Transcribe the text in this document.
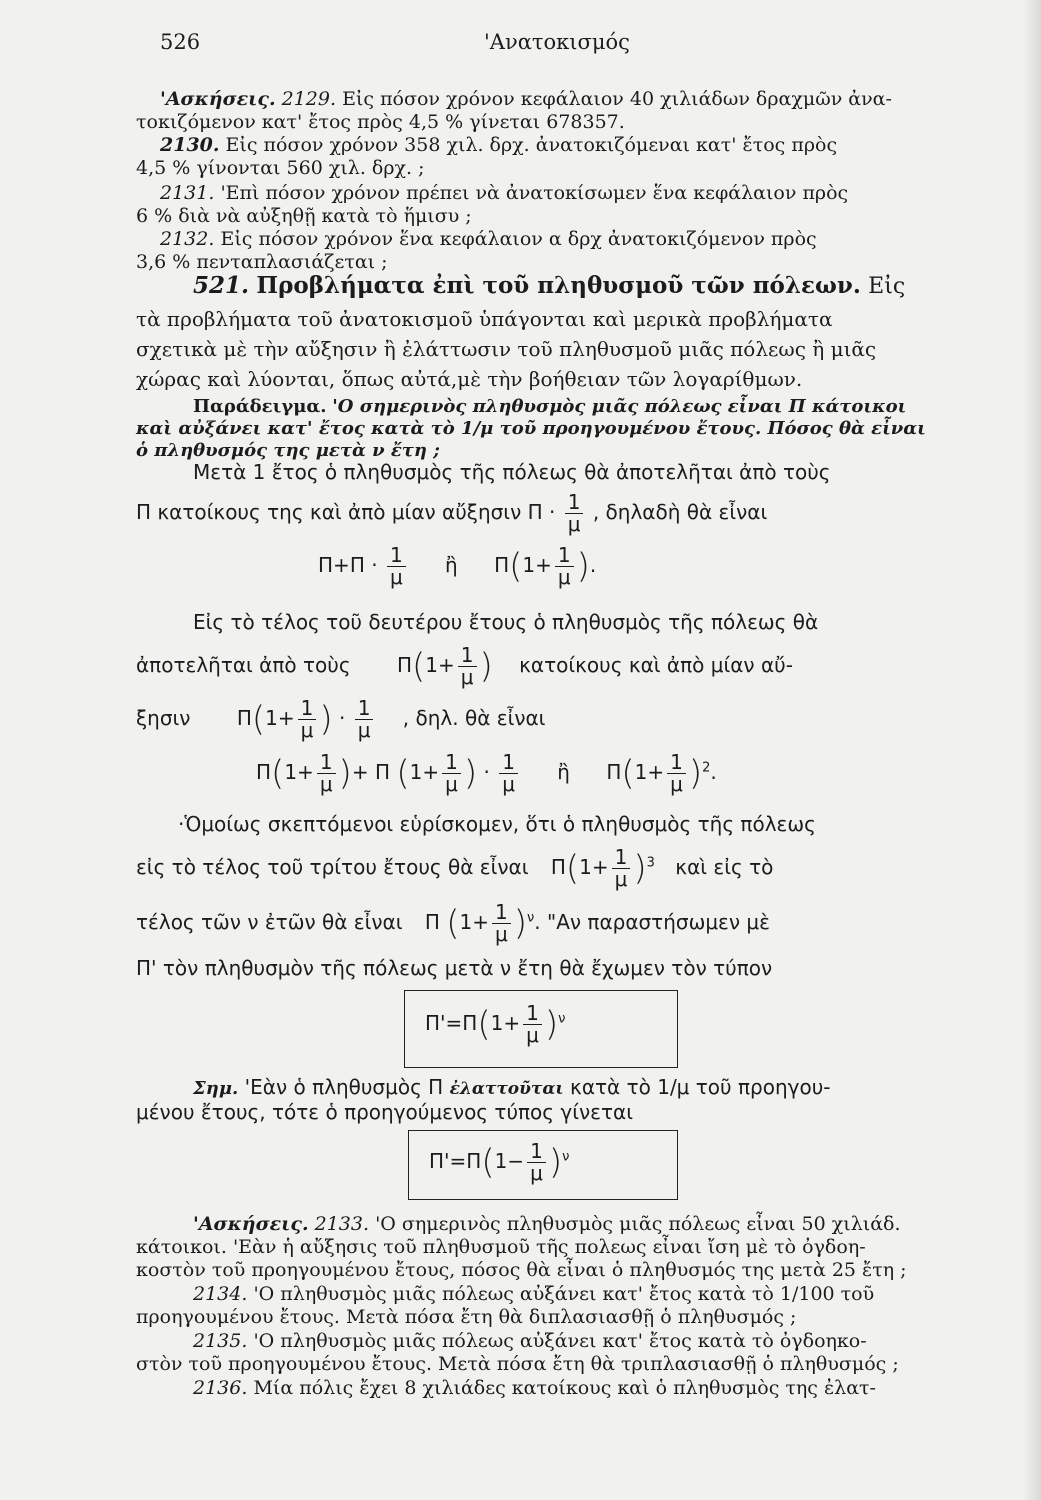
526	'Ανατοκισμός
'Ασκήσεις. 2129. Εἰς πόσον χρόνον κεφάλαιον 40 χιλιάδων δραχμῶν ἀνα-
τοκιζόμενον κατ' ἔτος πρὸς 4,5 % γίνεται 678357.
2130. Εἰς πόσον χρόνον 358 χιλ. δρχ. ἀνατοκιζόμεναι κατ' ἔτος πρὸς
4,5 % γίνονται 560 χιλ. δρχ. ;
2131. 'Επὶ πόσον χρόνον πρέπει νὰ ἀνατοκίσωμεν ἕνα κεφάλαιον πρὸς
6 % διὰ νὰ αὐξηθῇ κατὰ τὸ ἥμισυ ;
2132. Εἰς πόσον χρόνον ἕνα κεφάλαιον α δρχ ἀνατοκιζόμενον πρὸς
3,6 % πενταπλασιάζεται ;
521. Προβλήματα ἐπὶ τοῦ πληθυσμοῦ τῶν πόλεων. Εἰς
τὰ προβλήματα τοῦ ἀνατοκισμοῦ ὑπάγονται καὶ μερικὰ προβλήματα
σχετικὰ μὲ τὴν αὔξησιν ἢ ἐλάττωσιν τοῦ πληθυσμοῦ μιᾶς πόλεως ἢ μιᾶς
χώρας καὶ λύονται, ὅπως αὐτά,μὲ τὴν βοήθειαν τῶν λογαρίθμων.
Παράδειγμα. 'Ο σημερινὸς πληθυσμὸς μιᾶς πόλεως εἶναι Π κάτοικοι
καὶ αὐξάνει κατ' ἔτος κατὰ τὸ 1/μ τοῦ προηγουμένου ἔτους. Πόσος θὰ εἶναι
ὁ πληθυσμός της μετὰ ν ἔτη ;
Μετὰ 1 ἔτος ὁ πληθυσμὸς τῆς πόλεως θὰ ἀποτελῆται ἀπὸ τοὺς
Π κατοίκους της καὶ ἀπὸ μίαν αὔξησιν $\Pi \cdot \frac{1}{\mu}$ , δηλαδὴ θὰ εἶναι
$\Pi+\Pi \cdot \frac{1}{\mu}$ ἢ $\Pi(1+ \frac{1}{\mu}$ ).
Εἰς τὸ τέλος τοῦ δευτέρου ἔτους ὁ πληθυσμὸς τῆς πόλεως θὰ
ἀποτελῆται ἀπὸ τοὺς $\Pi(1+ \frac{1}{\mu}$ ) κατοίκους καὶ ἀπὸ μίαν αὔ-
ξησιν $\Pi(1+ \frac{1}{\mu}$ ) · $\frac{1}{\mu}$ , δηλ. θὰ εἶναι
$\Pi(1+ \frac{1}{\mu}$ )+ Π ($1+ \frac{1}{\mu}$ ) · $\frac{1}{\mu}$ ἢ $\Pi(1+ \frac{1}{\mu} )^2$.
·Ὁμοίως σκεπτόμενοι εὑρίσκομεν, ὅτι ὁ πληθυσμὸς τῆς πόλεως
εἰς τὸ τέλος τοῦ τρίτου ἔτους θὰ εἶναι $\Pi(1+ \frac{1}{\mu} )^3$ καὶ εἰς τὸ
τέλος τῶν ν ἐτῶν θὰ εἶναι Π $(1+ \frac{1}{\mu} )^\nu$. "Αν παραστήσωμεν μὲ
Π' τὸν πληθυσμὸν τῆς πόλεως μετὰ ν ἔτη θὰ ἔχωμεν τὸν τύπον
$\Pi'=\Pi(1+ \frac{1}{\mu} )^\nu$
Σημ. 'Εὰν ὁ πληθυσμὸς Π ἐλαττοῦται κατὰ τὸ 1/μ τοῦ προηγου-
μένου ἔτους, τότε ὁ προηγούμενος τύπος γίνεται
$\Pi'=\Pi(1- \frac{1}{\mu} )^\nu$
'Ασκήσεις. 2133. 'Ο σημερινὸς πληθυσμὸς μιᾶς πόλεως εἶναι 50 χιλιάδ.
κάτοικοι. 'Εὰν ἡ αὔξησις τοῦ πληθυσμοῦ τῆς πολεως εἶναι ἴση μὲ τὸ ὀγδοη-
κοστὸν τοῦ προηγουμένου ἔτους, πόσος θὰ εἶναι ὁ πληθυσμός της μετὰ 25 ἔτη ;
2134. 'Ο πληθυσμὸς μιᾶς πόλεως αὐξάνει κατ' ἔτος κατὰ τὸ 1/100 τοῦ
προηγουμένου ἔτους. Μετὰ πόσα ἔτη θὰ διπλασιασθῇ ὁ πληθυσμός ;
2135. 'Ο πληθυσμὸς μιᾶς πόλεως αὐξάνει κατ' ἔτος κατὰ τὸ ὀγδοηκο-
στὸν τοῦ προηγουμένου ἔτους. Μετὰ πόσα ἔτη θὰ τριπλασιασθῇ ὁ πληθυσμός ;
2136. Μία πόλις ἔχει 8 χιλιάδες κατοίκους καὶ ὁ πληθυσμὸς της ἐλατ-
